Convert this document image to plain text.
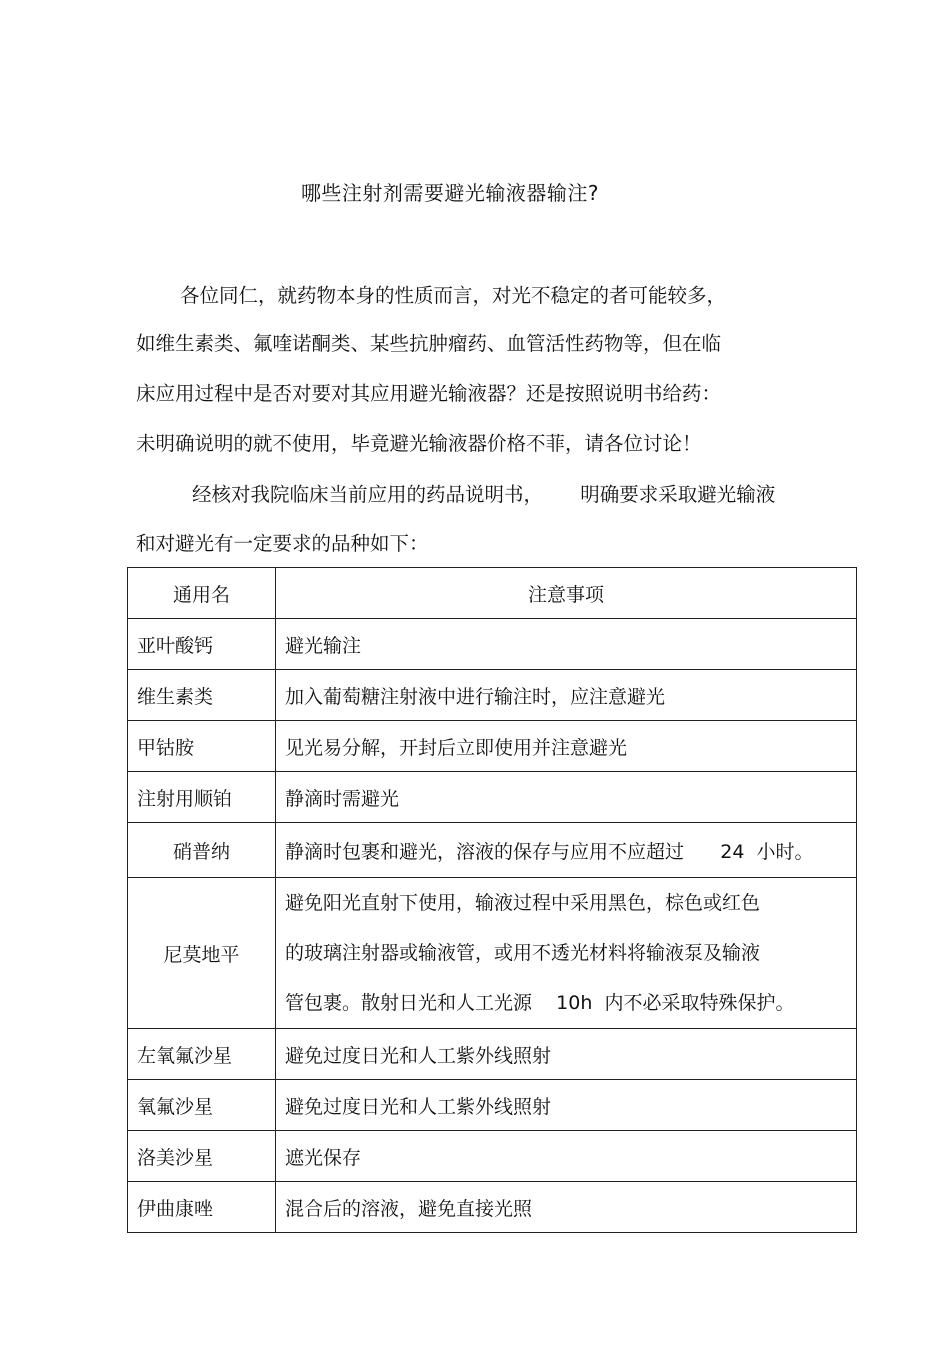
哪些注射剂需要避光输液器输注?
各位同仁，就药物本身的性质而言，对光不稳定的者可能较多，
如维生素类、氟喹诺酮类、某些抗肿瘤药、血管活性药物等，但在临
床应用过程中是否对要对其应用避光输液器？还是按照说明书给药：
未明确说明的就不使用，毕竟避光输液器价格不菲，请各位讨论！
经核对我院临床当前应用的药品说明书，      明确要求采取避光输液
和对避光有一定要求的品种如下：
通用名	注意事项
亚叶酸钙	避光输注
维生素类	加入葡萄糖注射液中进行输注时，应注意避光
甲钴胺	见光易分解，开封后立即使用并注意避光
注射用顺铂	静滴时需避光
硝普纳	静滴时包裹和避光，溶液的保存与应用不应超过      24  小时。
尼莫地平	避免阳光直射下使用，输液过程中采用黑色，棕色或红色
的玻璃注射器或输液管，或用不透光材料将输液泵及输液
管包裹。散射日光和人工光源    10h  内不必采取特殊保护。

左氧氟沙星	避免过度日光和人工紫外线照射
氧氟沙星	避免过度日光和人工紫外线照射
洛美沙星	遮光保存
伊曲康唑	混合后的溶液，避免直接光照
